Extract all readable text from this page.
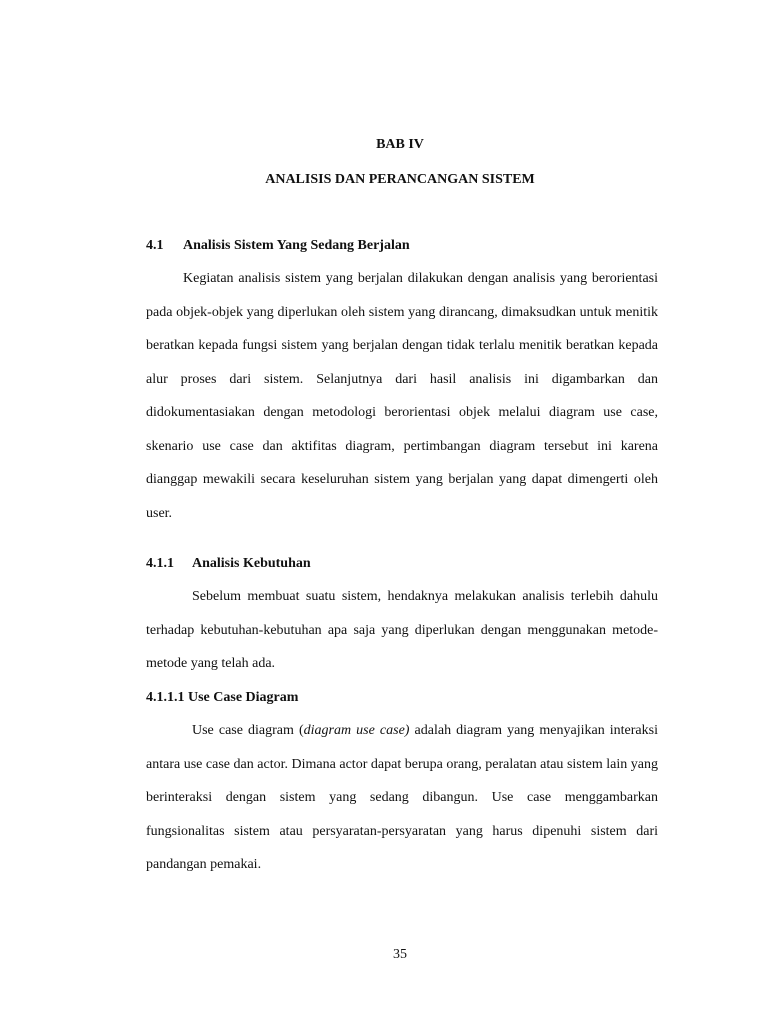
BAB IV
ANALISIS DAN PERANCANGAN SISTEM
4.1 Analisis Sistem Yang Sedang Berjalan

Kegiatan analisis sistem yang berjalan dilakukan dengan analisis yang berorientasi pada objek-objek yang diperlukan oleh sistem yang dirancang, dimaksudkan untuk menitik beratkan kepada fungsi sistem yang berjalan dengan tidak terlalu menitik beratkan kepada alur proses dari sistem. Selanjutnya dari hasil analisis ini digambarkan dan didokumentasiakan dengan metodologi berorientasi objek melalui diagram use case, skenario use case dan aktifitas diagram, pertimbangan diagram tersebut ini karena dianggap mewakili secara keseluruhan sistem yang berjalan yang dapat dimengerti oleh user.

4.1.1 Analisis Kebutuhan

Sebelum membuat suatu sistem, hendaknya melakukan analisis terlebih dahulu terhadap kebutuhan-kebutuhan apa saja yang diperlukan dengan menggunakan metode-metode yang telah ada.

4.1.1.1 Use Case Diagram

Use case diagram (diagram use case) adalah diagram yang menyajikan interaksi antara use case dan actor. Dimana actor dapat berupa orang, peralatan atau sistem lain yang berinteraksi dengan sistem yang sedang dibangun. Use case menggambarkan fungsionalitas sistem atau persyaratan-persyaratan yang harus dipenuhi sistem dari pandangan pemakai.

35
